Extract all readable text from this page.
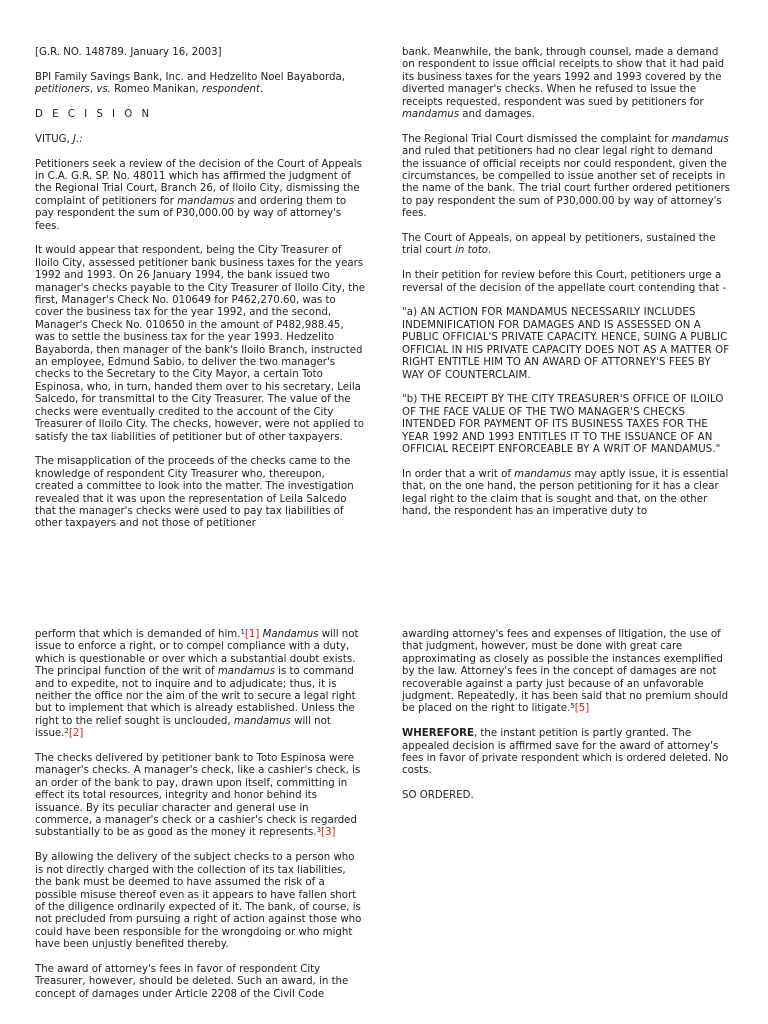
[G.R. NO. 148789. January 16, 2003]

BPI Family Savings Bank, Inc. and Hedzelito Noel Bayaborda,
petitioners, vs. Romeo Manikan, respondent.

D E C I S I O N

VITUG, J.:

Petitioners seek a review of the decision of the Court of Appeals in C.A. G.R. SP. No. 48011 which has affirmed the judgment of the Regional Trial Court, Branch 26, of Iloilo City, dismissing the complaint of petitioners for mandamus and ordering them to pay respondent the sum of P30,000.00 by way of attorney's fees.

It would appear that respondent, being the City Treasurer of Iloilo City, assessed petitioner bank business taxes for the years 1992 and 1993. On 26 January 1994, the bank issued two manager's checks payable to the City Treasurer of Iloilo City, the first, Manager's Check No. 010649 for P462,270.60, was to cover the business tax for the year 1992, and the second, Manager's Check No. 010650 in the amount of P482,988.45, was to settle the business tax for the year 1993. Hedzelito Bayaborda, then manager of the bank's Iloilo Branch, instructed an employee, Edmund Sabio, to deliver the two manager's checks to the Secretary to the City Mayor, a certain Toto Espinosa, who, in turn, handed them over to his secretary, Leila Salcedo, for transmittal to the City Treasurer. The value of the checks were eventually credited to the account of the City Treasurer of Iloilo City. The checks, however, were not applied to satisfy the tax liabilities of petitioner but of other taxpayers.

The misapplication of the proceeds of the checks came to the knowledge of respondent City Treasurer who, thereupon, created a committee to look into the matter. The investigation revealed that it was upon the representation of Leila Salcedo that the manager's checks were used to pay tax liabilities of other taxpayers and not those of petitioner

bank. Meanwhile, the bank, through counsel, made a demand on respondent to issue official receipts to show that it had paid its business taxes for the years 1992 and 1993 covered by the diverted manager's checks. When he refused to issue the receipts requested, respondent was sued by petitioners for mandamus and damages.

The Regional Trial Court dismissed the complaint for mandamus and ruled that petitioners had no clear legal right to demand the issuance of official receipts nor could respondent, given the circumstances, be compelled to issue another set of receipts in the name of the bank. The trial court further ordered petitioners to pay respondent the sum of P30,000.00 by way of attorney's fees.

The Court of Appeals, on appeal by petitioners, sustained the trial court in toto.

In their petition for review before this Court, petitioners urge a reversal of the decision of the appellate court contending that -

"a) AN ACTION FOR MANDAMUS NECESSARILY INCLUDES INDEMNIFICATION FOR DAMAGES AND IS ASSESSED ON A PUBLIC OFFICIAL'S PRIVATE CAPACITY. HENCE, SUING A PUBLIC OFFICIAL IN HIS PRIVATE CAPACITY DOES NOT AS A MATTER OF RIGHT ENTITLE HIM TO AN AWARD OF ATTORNEY'S FEES BY WAY OF COUNTERCLAIM.

"b) THE RECEIPT BY THE CITY TREASURER'S OFFICE OF ILOILO OF THE FACE VALUE OF THE TWO MANAGER'S CHECKS INTENDED FOR PAYMENT OF ITS BUSINESS TAXES FOR THE YEAR 1992 AND 1993 ENTITLES IT TO THE ISSUANCE OF AN OFFICIAL RECEIPT ENFORCEABLE BY A WRIT OF MANDAMUS."

In order that a writ of mandamus may aptly issue, it is essential that, on the one hand, the person petitioning for it has a clear legal right to the claim that is sought and that, on the other hand, the respondent has an imperative duty to

perform that which is demanded of him.$^1$[1] Mandamus will not issue to enforce a right, or to compel compliance with a duty, which is questionable or over which a substantial doubt exists. The principal function of the writ of mandamus is to command and to expedite, not to inquire and to adjudicate; thus, it is neither the office nor the aim of the writ to secure a legal right but to implement that which is already established. Unless the right to the relief sought is unclouded, mandamus will not issue.$^2$[2]

The checks delivered by petitioner bank to Toto Espinosa were manager's checks. A manager's check, like a cashier's check, is an order of the bank to pay, drawn upon itself, committing in effect its total resources, integrity and honor behind its issuance. By its peculiar character and general use in commerce, a manager's check or a cashier's check is regarded substantially to be as good as the money it represents.$^3$[3]

By allowing the delivery of the subject checks to a person who is not directly charged with the collection of its tax liabilities, the bank must be deemed to have assumed the risk of a possible misuse thereof even as it appears to have fallen short of the diligence ordinarily expected of it. The bank, of course, is not precluded from pursuing a right of action against those who could have been responsible for the wrongdoing or who might have been unjustly benefited thereby.

The award of attorney's fees in favor of respondent City Treasurer, however, should be deleted. Such an award, in the concept of damages under Article 2208 of the Civil Code

awarding attorney's fees and expenses of litigation, the use of that judgment, however, must be done with great care approximating as closely as possible the instances exemplified by the law. Attorney's fees in the concept of damages are not recoverable against a party just because of an unfavorable judgment. Repeatedly, it has been said that no premium should be placed on the right to litigate.$^5$[5]

WHEREFORE, the instant petition is partly granted. The appealed decision is affirmed save for the award of attorney's fees in favor of private respondent which is ordered deleted. No costs.

SO ORDERED.
